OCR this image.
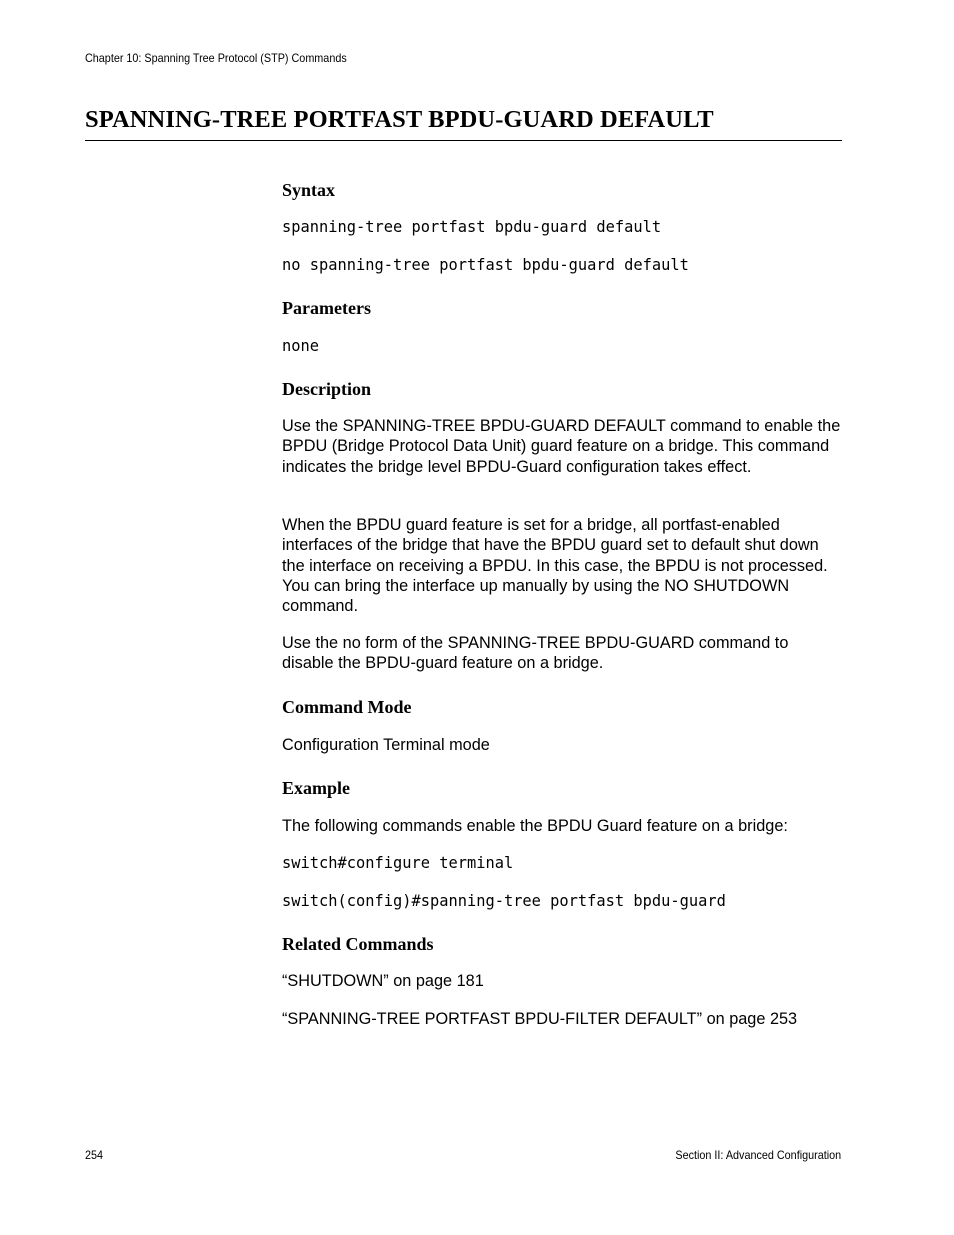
Chapter 10: Spanning Tree Protocol (STP) Commands
SPANNING-TREE PORTFAST BPDU-GUARD DEFAULT
Syntax
spanning-tree portfast bpdu-guard default
no spanning-tree portfast bpdu-guard default
Parameters
none
Description

Use the SPANNING-TREE BPDU-GUARD DEFAULT command to enable the BPDU (Bridge Protocol Data Unit) guard feature on a bridge. This command indicates the bridge level BPDU-Guard configuration takes effect.

When the BPDU guard feature is set for a bridge, all portfast-enabled interfaces of the bridge that have the BPDU guard set to default shut down the interface on receiving a BPDU. In this case, the BPDU is not processed. You can bring the interface up manually by using the NO SHUTDOWN command.

Use the no form of the SPANNING-TREE BPDU-GUARD command to disable the BPDU-guard feature on a bridge.

Command Mode

Configuration Terminal mode

Example

The following commands enable the BPDU Guard feature on a bridge:

switch#configure terminal
switch(config)#spanning-tree portfast bpdu-guard
Related Commands

“SHUTDOWN” on page 181

“SPANNING-TREE PORTFAST BPDU-FILTER DEFAULT” on page 253

254	Section II: Advanced Configuration
